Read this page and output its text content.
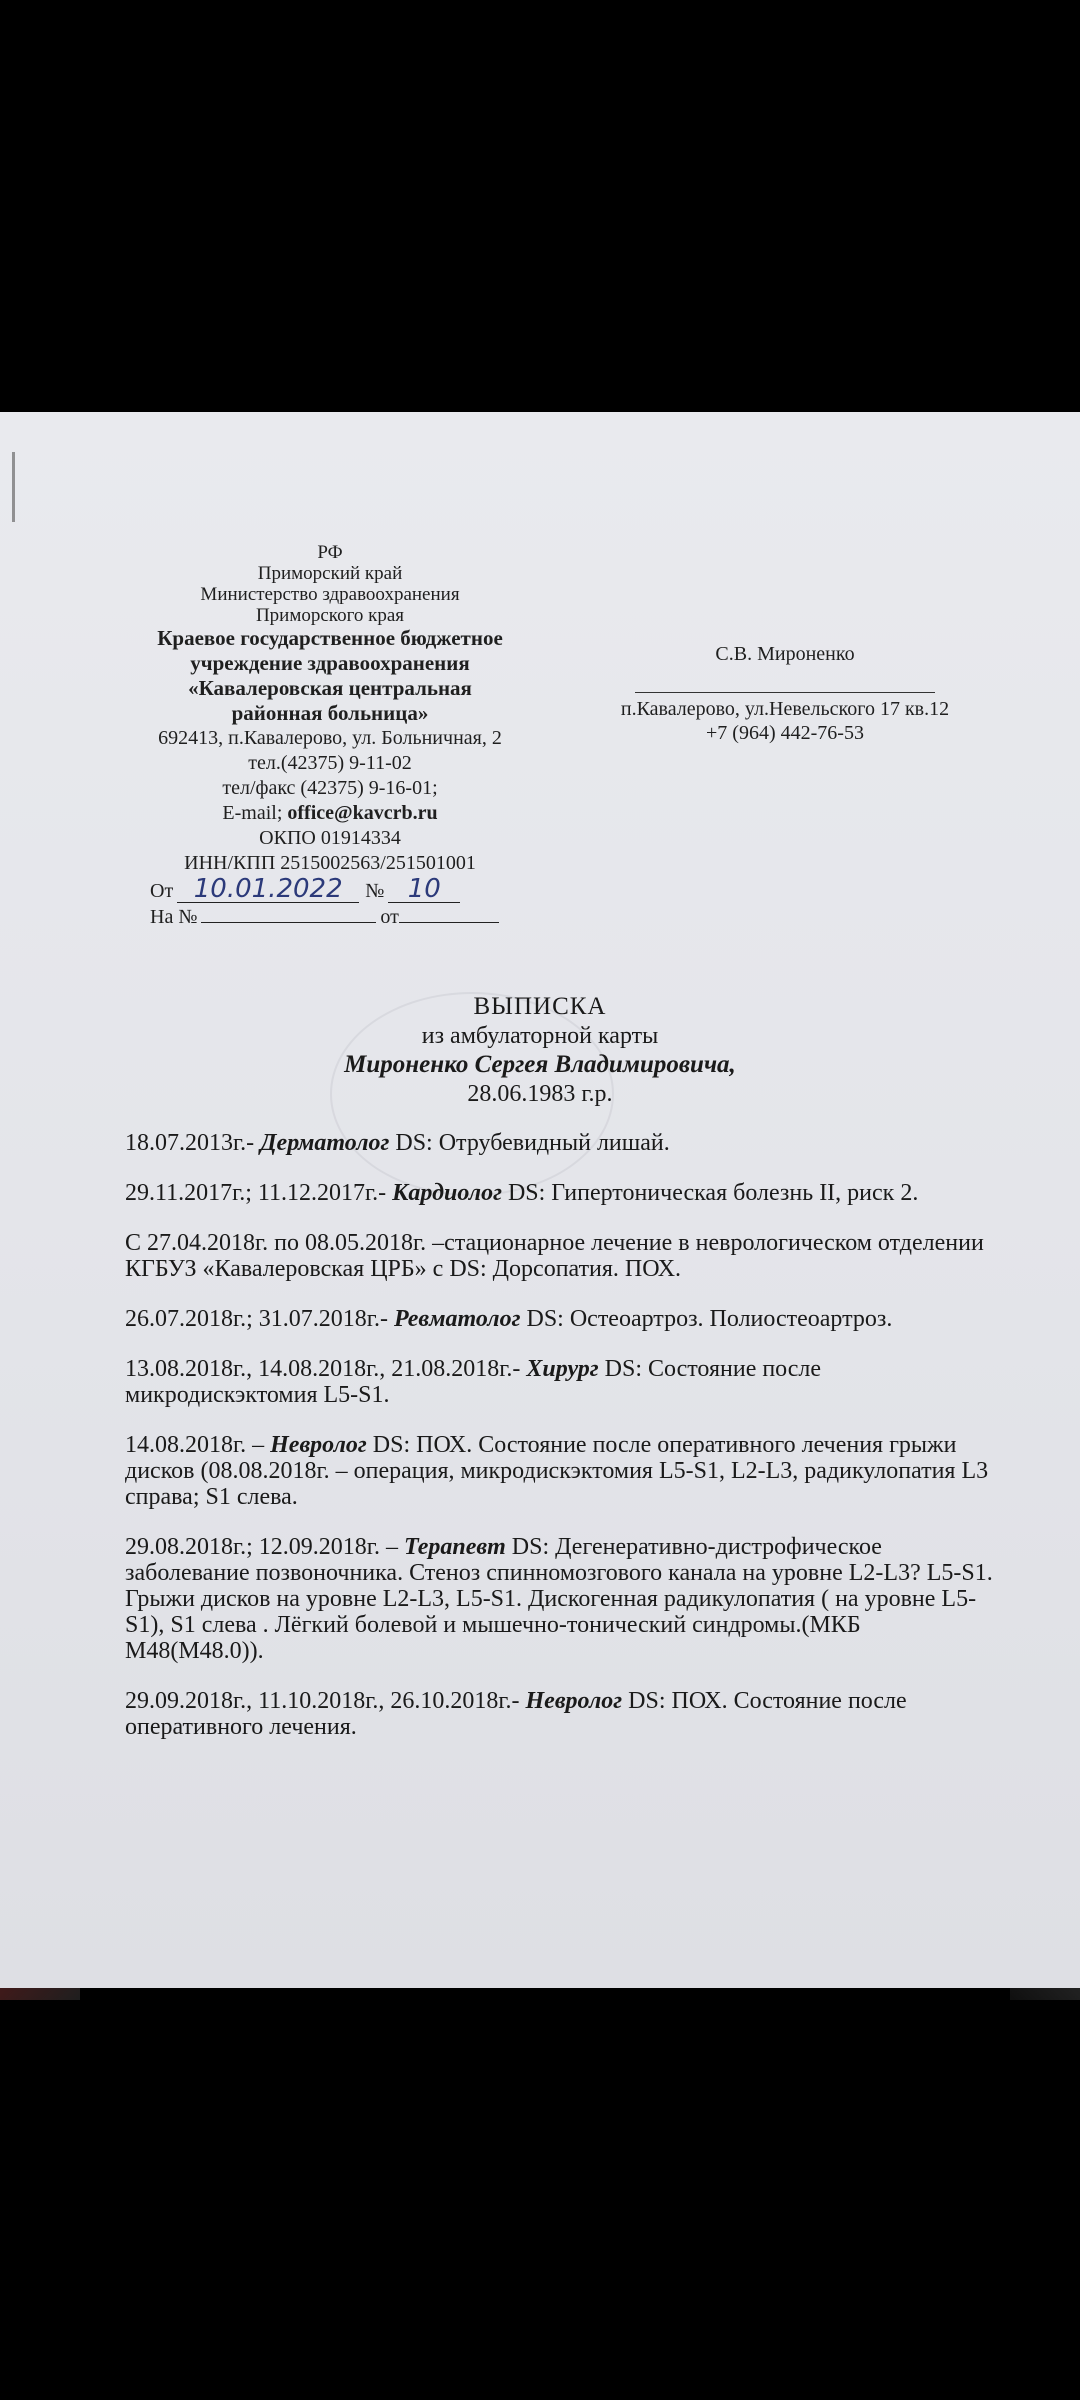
РФ
Приморский край
Министерство здравоохранения
Приморского края
Краевое государственное бюджетное
учреждение здравоохранения
«Кавалеровская центральная
районная больница»
692413, п.Кавалерово, ул. Больничная, 2
тел.(42375) 9-11-02
тел/факс (42375) 9-16-01;
E-mail; office@kavcrb.ru
ОКПО 01914334
ИНН/КПП 2515002563/251501001
От 10.01.2022	№ 10
На №	от
С.В. Мироненко
п.Кавалерово, ул.Невельского 17 кв.12
+7 (964) 442-76-53
ВЫПИСКА
из амбулаторной карты
Мироненко Сергея Владимировича,
28.06.1983 г.р.
18.07.2013г.- Дерматолог DS: Отрубевидный лишай.
29.11.2017г.; 11.12.2017г.- Кардиолог DS: Гипертоническая болезнь II, риск 2.
С 27.04.2018г. по 08.05.2018г. –стационарное лечение в неврологическом отделении КГБУЗ «Кавалеровская ЦРБ» с DS: Дорсопатия. ПОХ.
26.07.2018г.; 31.07.2018г.- Ревматолог DS: Остеоартроз. Полиостеоартроз.
13.08.2018г., 14.08.2018г., 21.08.2018г.- Хирург DS: Состояние после микродискэктомия L5-S1.
14.08.2018г. – Невролог DS: ПОХ. Состояние после оперативного лечения грыжи дисков (08.08.2018г. – операция, микродискэктомия L5-S1, L2-L3, радикулопатия L3 справа; S1 слева.
29.08.2018г.; 12.09.2018г. – Терапевт DS: Дегенеративно-дистрофическое заболевание позвоночника. Стеноз спинномозгового канала на уровне L2-L3? L5-S1. Грыжи дисков на уровне L2-L3, L5-S1. Дискогенная радикулопатия ( на уровне L5-S1), S1 слева . Лёгкий болевой и мышечно-тонический синдромы.(МКБ М48(М48.0)).
29.09.2018г., 11.10.2018г., 26.10.2018г.- Невролог DS: ПОХ. Состояние после оперативного лечения.
